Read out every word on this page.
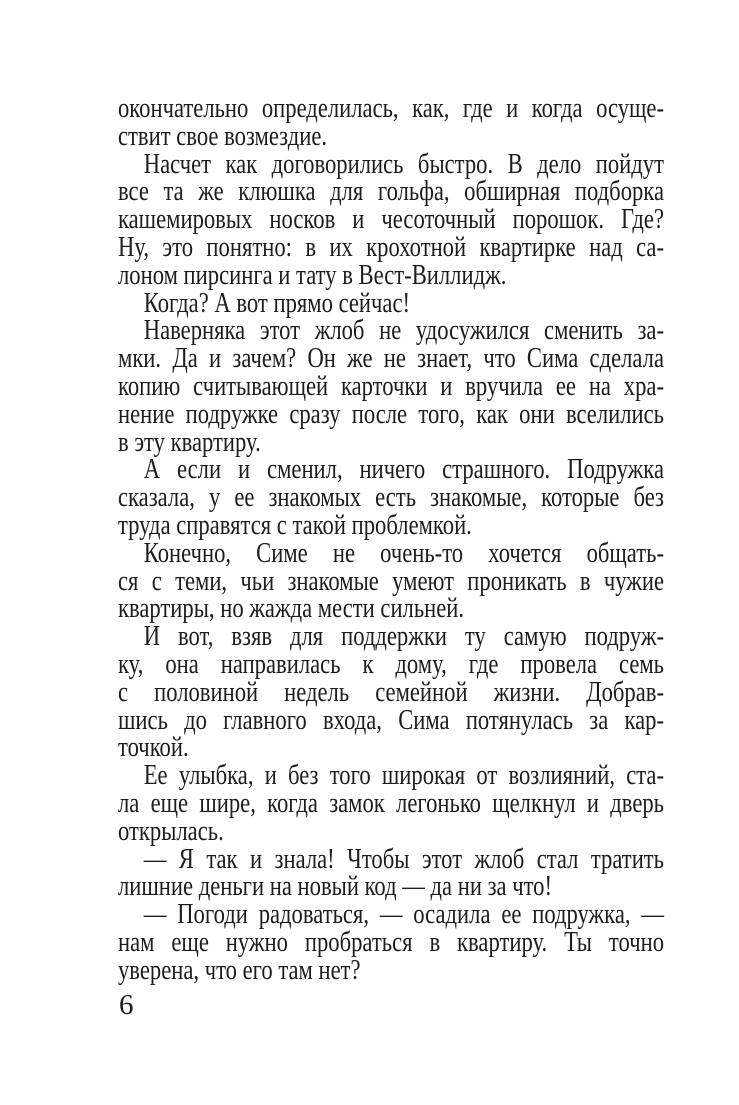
окончательно определилась, как, где и когда осуще-
ствит свое возмездие.
Насчет как договорились быстро. В дело пойдут
все та же клюшка для гольфа, обширная подборка
кашемировых носков и чесоточный порошок. Где?
Ну, это понятно: в их крохотной квартирке над са-
лоном пирсинга и тату в Вест-Виллидж.
Когда? А вот прямо сейчас!
Наверняка этот жлоб не удосужился сменить за-
мки. Да и зачем? Он же не знает, что Сима сделала
копию считывающей карточки и вручила ее на хра-
нение подружке сразу после того, как они вселились
в эту квартиру.
А если и сменил, ничего страшного. Подружка
сказала, у ее знакомых есть знакомые, которые без
труда справятся с такой проблемкой.
Конечно, Симе не очень-то хочется общать-
ся с теми, чьи знакомые умеют проникать в чужие
квартиры, но жажда мести сильней.
И вот, взяв для поддержки ту самую подруж-
ку, она направилась к дому, где провела семь
с половиной недель семейной жизни. Добрав-
шись до главного входа, Сима потянулась за кар-
точкой.
Ее улыбка, и без того широкая от возлияний, ста-
ла еще шире, когда замок легонько щелкнул и дверь
открылась.
— Я так и знала! Чтобы этот жлоб стал тратить
лишние деньги на новый код — да ни за что!
— Погоди радоваться, — осадила ее подружка, —
нам еще нужно пробраться в квартиру. Ты точно
уверена, что его там нет?
6
